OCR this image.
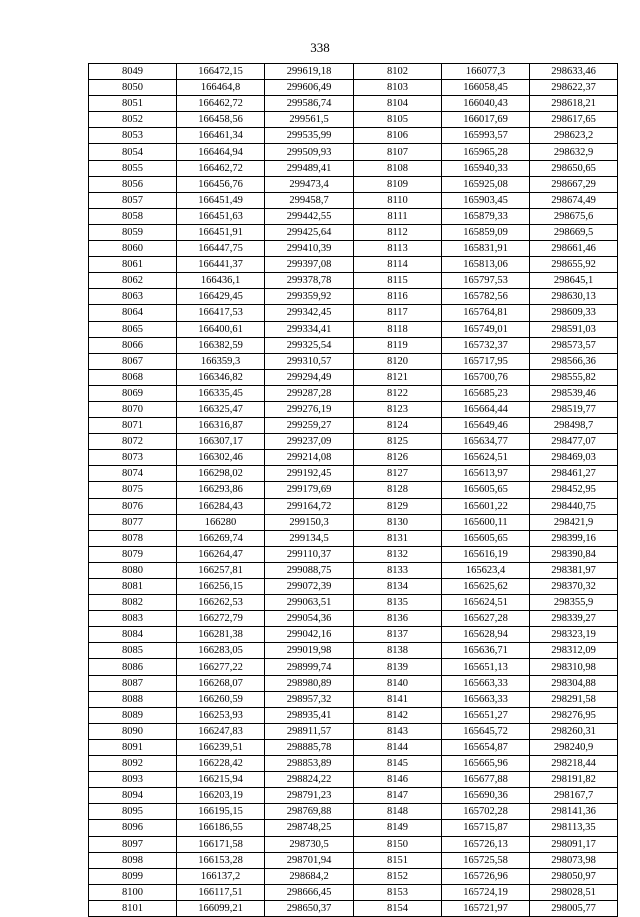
338
8049	166472,15	299619,18	8102	166077,3	298633,46
8050	166464,8	299606,49	8103	166058,45	298622,37
8051	166462,72	299586,74	8104	166040,43	298618,21
8052	166458,56	299561,5	8105	166017,69	298617,65
8053	166461,34	299535,99	8106	165993,57	298623,2
8054	166464,94	299509,93	8107	165965,28	298632,9
8055	166462,72	299489,41	8108	165940,33	298650,65
8056	166456,76	299473,4	8109	165925,08	298667,29
8057	166451,49	299458,7	8110	165903,45	298674,49
8058	166451,63	299442,55	8111	165879,33	298675,6
8059	166451,91	299425,64	8112	165859,09	298669,5
8060	166447,75	299410,39	8113	165831,91	298661,46
8061	166441,37	299397,08	8114	165813,06	298655,92
8062	166436,1	299378,78	8115	165797,53	298645,1
8063	166429,45	299359,92	8116	165782,56	298630,13
8064	166417,53	299342,45	8117	165764,81	298609,33
8065	166400,61	299334,41	8118	165749,01	298591,03
8066	166382,59	299325,54	8119	165732,37	298573,57
8067	166359,3	299310,57	8120	165717,95	298566,36
8068	166346,82	299294,49	8121	165700,76	298555,82
8069	166335,45	299287,28	8122	165685,23	298539,46
8070	166325,47	299276,19	8123	165664,44	298519,77
8071	166316,87	299259,27	8124	165649,46	298498,7
8072	166307,17	299237,09	8125	165634,77	298477,07
8073	166302,46	299214,08	8126	165624,51	298469,03
8074	166298,02	299192,45	8127	165613,97	298461,27
8075	166293,86	299179,69	8128	165605,65	298452,95
8076	166284,43	299164,72	8129	165601,22	298440,75
8077	166280	299150,3	8130	165600,11	298421,9
8078	166269,74	299134,5	8131	165605,65	298399,16
8079	166264,47	299110,37	8132	165616,19	298390,84
8080	166257,81	299088,75	8133	165623,4	298381,97
8081	166256,15	299072,39	8134	165625,62	298370,32
8082	166262,53	299063,51	8135	165624,51	298355,9
8083	166272,79	299054,36	8136	165627,28	298339,27
8084	166281,38	299042,16	8137	165628,94	298323,19
8085	166283,05	299019,98	8138	165636,71	298312,09
8086	166277,22	298999,74	8139	165651,13	298310,98
8087	166268,07	298980,89	8140	165663,33	298304,88
8088	166260,59	298957,32	8141	165663,33	298291,58
8089	166253,93	298935,41	8142	165651,27	298276,95
8090	166247,83	298911,57	8143	165645,72	298260,31
8091	166239,51	298885,78	8144	165654,87	298240,9
8092	166228,42	298853,89	8145	165665,96	298218,44
8093	166215,94	298824,22	8146	165677,88	298191,82
8094	166203,19	298791,23	8147	165690,36	298167,7
8095	166195,15	298769,88	8148	165702,28	298141,36
8096	166186,55	298748,25	8149	165715,87	298113,35
8097	166171,58	298730,5	8150	165726,13	298091,17
8098	166153,28	298701,94	8151	165725,58	298073,98
8099	166137,2	298684,2	8152	165726,96	298050,97
8100	166117,51	298666,45	8153	165724,19	298028,51
8101	166099,21	298650,37	8154	165721,97	298005,77
